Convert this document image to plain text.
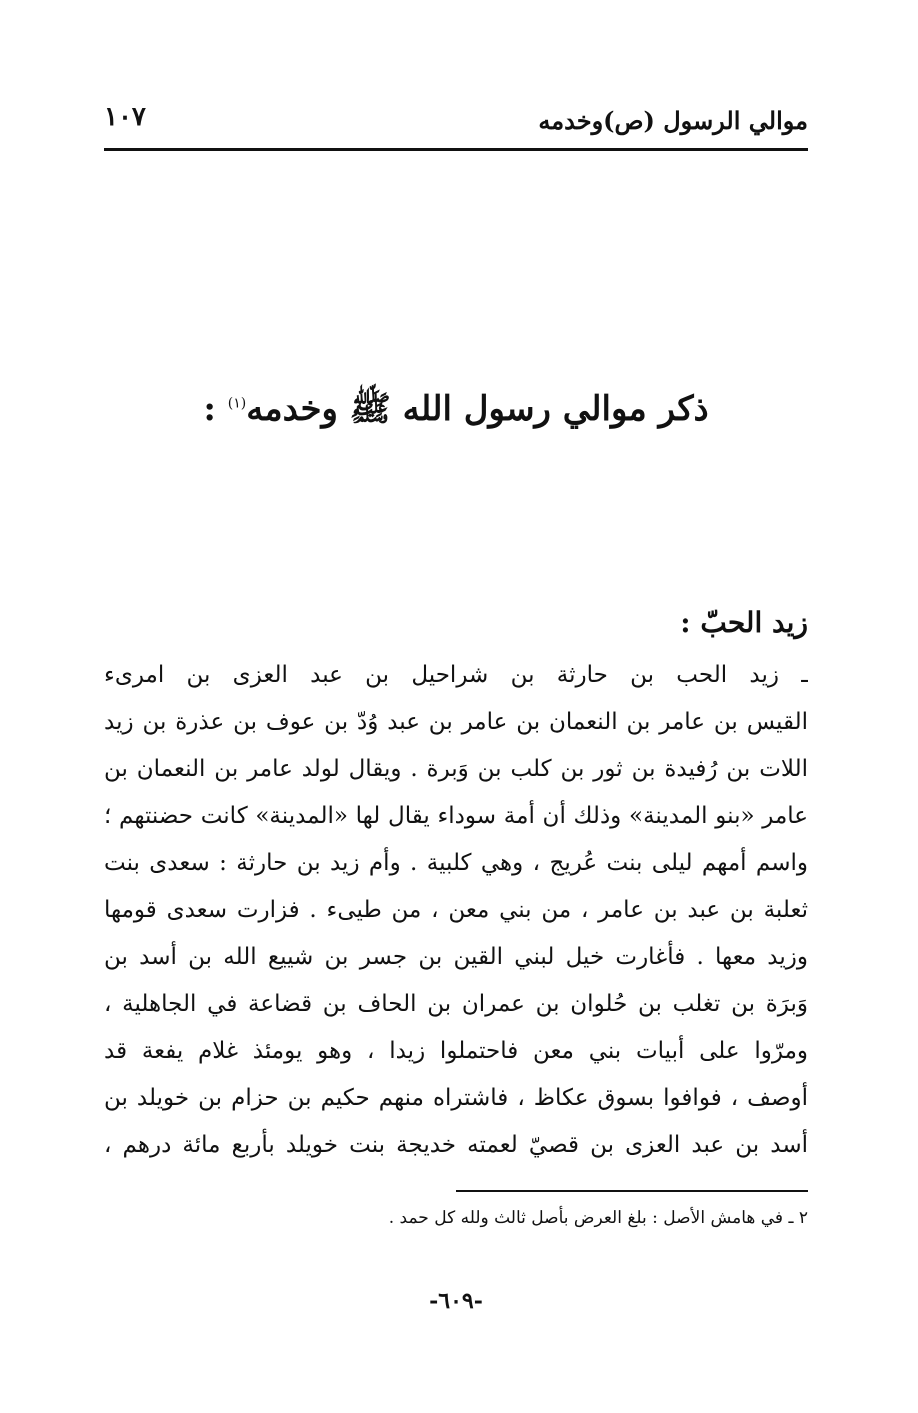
موالي الرسول (ص)وخدمه
١٠٧
ذكر موالي رسول الله ﷺ وخدمه$^{(١)}$ :
زيد الحبّ :
ـ زيد الحب بن حارثة بن شراحيل بن عبد العزى بن امرىء
القيس بن عامر بن النعمان بن عامر بن عبد وُدّ بن عوف بن عذرة بن زيد
اللات بن رُفيدة بن ثور بن كلب بن وَبرة . ويقال لولد عامر بن النعمان بن
عامر «بنو المدينة» وذلك أن أمة سوداء يقال لها «المدينة» كانت حضنتهم ؛
واسم أمهم ليلى بنت عُريج ، وهي كلبية . وأم زيد بن حارثة : سعدى بنت
ثعلبة بن عبد بن عامر ، من بني معن ، من طيىء . فزارت سعدى قومها
وزيد معها . فأغارت خيل لبني القين بن جسر بن شييع الله بن أسد بن
وَبرَة بن تغلب بن حُلوان بن عمران بن الحاف بن قضاعة في الجاهلية ،
ومرّوا على أبيات بني معن فاحتملوا زيدا ، وهو يومئذ غلام يفعة قد
أوصف ، فوافوا بسوق عكاظ ، فاشتراه منهم حكيم بن حزام بن خويلد بن
أسد بن عبد العزى بن قصيّ لعمته خديجة بنت خويلد بأربع مائة درهم ،
٢ ـ في هامش الأصل : بلغ العرض بأصل ثالث ولله كل حمد .
-٦٠٩-
